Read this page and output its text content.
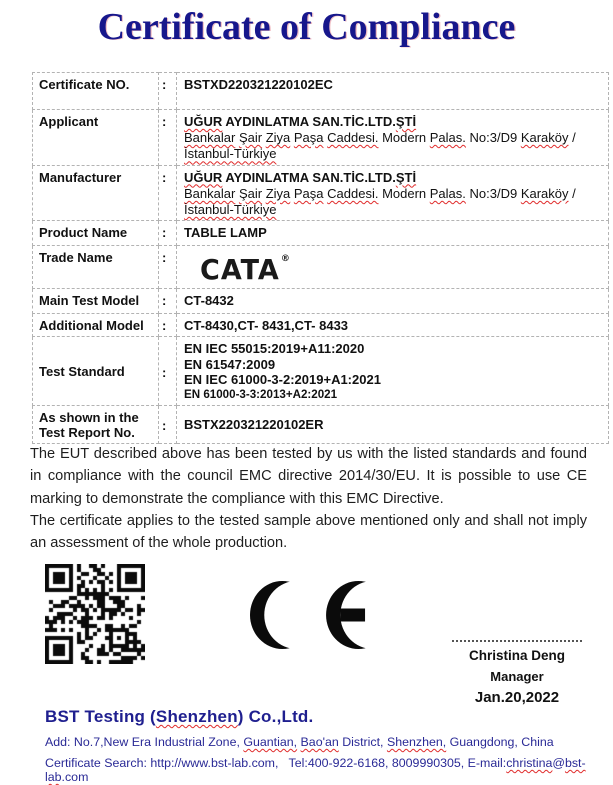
Certificate of Compliance
Certificate NO.	:	BSTXD220321220102EC

Applicant	:	UĞUR AYDINLATMA SAN.TİC.LTD.ŞTİ
Bankalar Şair Ziya Paşa Caddesi. Modern Palas. No:3/D9 Karaköy /
İstanbul-Türkiye

Manufacturer	:	UĞUR AYDINLATMA SAN.TİC.LTD.ŞTİ
Bankalar Şair Ziya Paşa Caddesi. Modern Palas. No:3/D9 Karaköy /
İstanbul-Türkiye

Product Name	:	TABLE LAMP

Trade Name	:	CATA®

Main Test Model	:	CT-8432

Additional Model	:	CT-8430,CT- 8431,CT- 8433

Test Standard	:	EN IEC 55015:2019+A11:2020
EN 61547:2009
EN IEC 61000-3-2:2019+A1:2021
EN 61000-3-3:2013+A2:2021

As shown in the
Test Report No.	:	BSTX220321220102ER

The EUT described above has been tested by us with the listed standards and found in compliance with the council EMC directive 2014/30/EU. It is possible to use CE marking to demonstrate the compliance with this EMC Directive.

The certificate applies to the tested sample above mentioned only and shall not imply an assessment of the whole production.

Christina Deng
Manager
Jan.20,2022
BST Testing (Shenzhen) Co.,Ltd.
Add: No.7,New Era Industrial Zone, Guantian, Bao'an District, Shenzhen, Guangdong, China
Certificate Search: http://www.bst-lab.com,   Tel:400-922-6168, 8009990305, E-mail:christina@bst-lab.com
